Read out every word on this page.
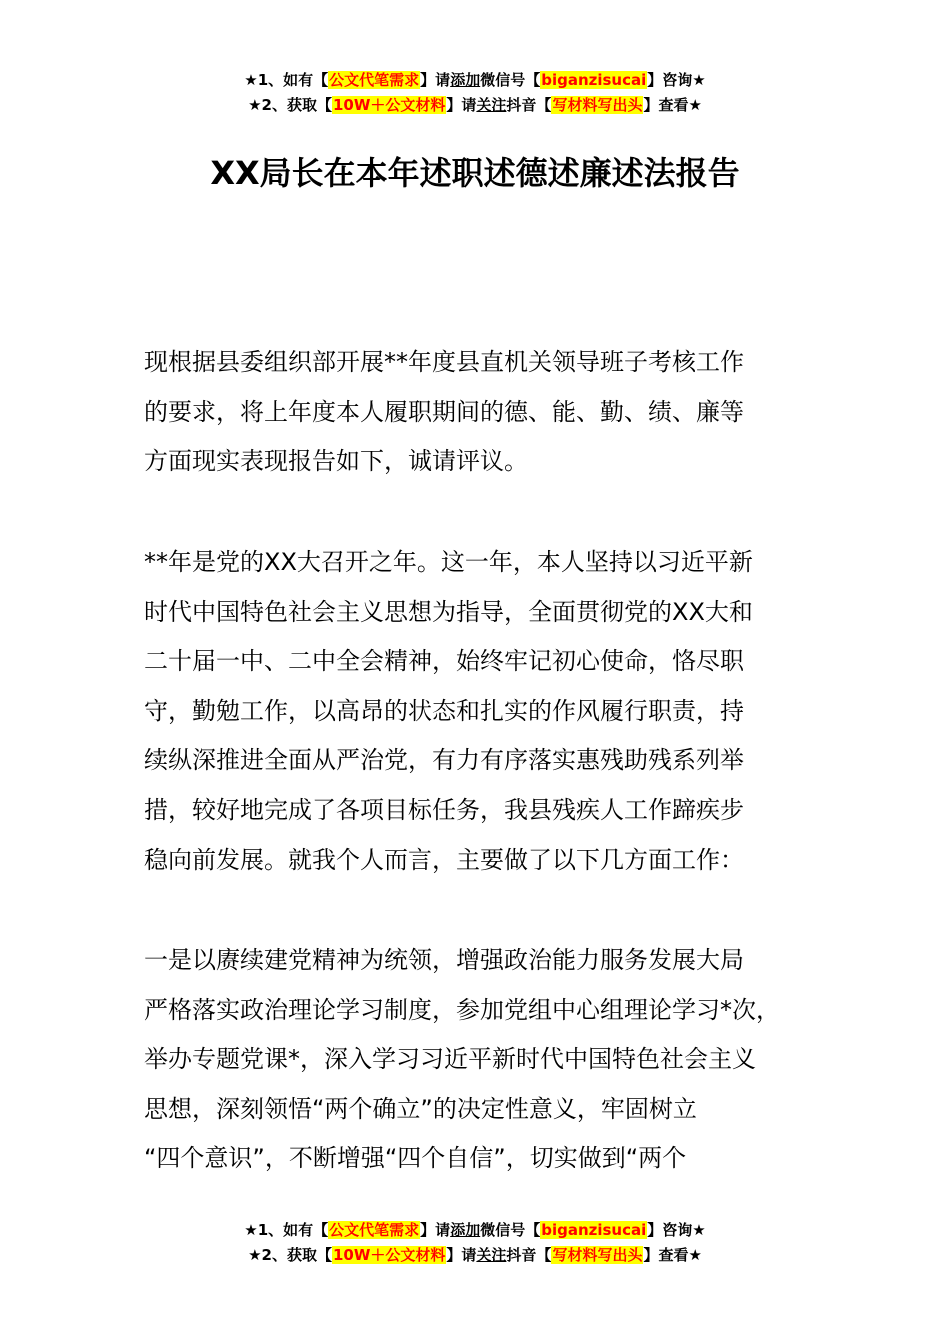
★1、如有【公文代笔需求】请添加微信号【biganzisucai】咨询★
★2、获取【10W＋公文材料】请关注抖音【写材料写出头】查看★
XX局长在本年述职述德述廉述法报告
现根据县委组织部开展**年度县直机关领导班子考核工作
的要求，将上年度本人履职期间的德、能、勤、绩、廉等
方面现实表现报告如下，诚请评议。
**年是党的XX大召开之年。这一年，本人坚持以习近平新
时代中国特色社会主义思想为指导，全面贯彻党的XX大和
二十届一中、二中全会精神，始终牢记初心使命，恪尽职
守，勤勉工作，以高昂的状态和扎实的作风履行职责，持
续纵深推进全面从严治党，有力有序落实惠残助残系列举
措，较好地完成了各项目标任务，我县残疾人工作蹄疾步
稳向前发展。就我个人而言，主要做了以下几方面工作：
一是以赓续建党精神为统领，增强政治能力服务发展大局
严格落实政治理论学习制度，参加党组中心组理论学习*次，
举办专题党课*，深入学习习近平新时代中国特色社会主义
思想，深刻领悟“两个确立”的决定性意义，牢固树立
“四个意识”，不断增强“四个自信”，切实做到“两个
★1、如有【公文代笔需求】请添加微信号【biganzisucai】咨询★
★2、获取【10W＋公文材料】请关注抖音【写材料写出头】查看★
